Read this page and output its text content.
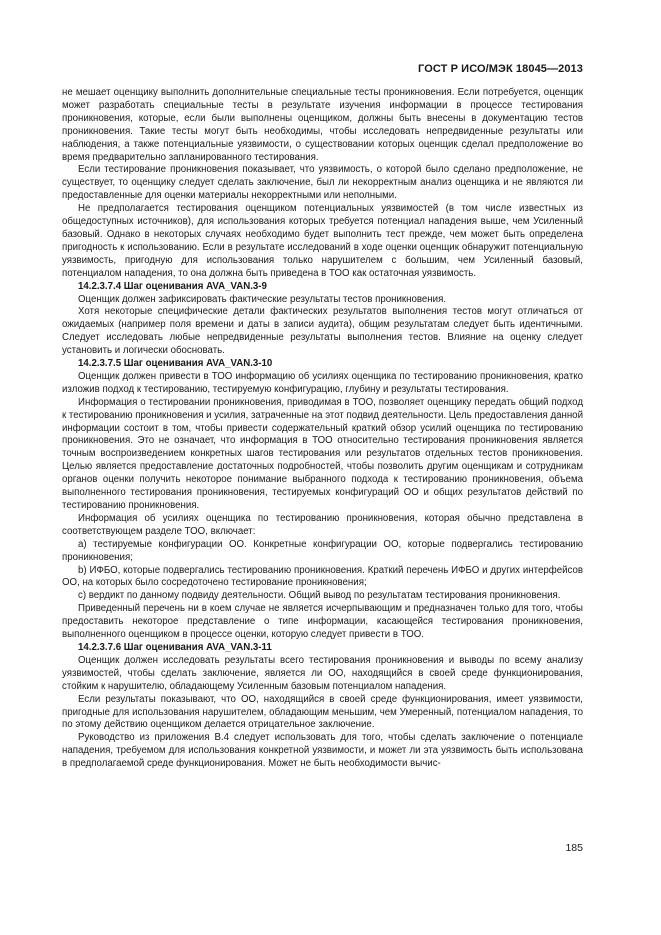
ГОСТ Р ИСО/МЭК 18045—2013

не мешает оценщику выполнить дополнительные специальные тесты проникновения. Если потребуется, оценщик может разработать специальные тесты в результате изучения информации в процессе тестирования проникновения, которые, если были выполнены оценщиком, должны быть внесены в документацию тестов проникновения. Такие тесты могут быть необходимы, чтобы исследовать непредвиденные результаты или наблюдения, а также потенциальные уязвимости, о существовании которых оценщик сделал предположение во время предварительно запланированного тестирования.

Если тестирование проникновения показывает, что уязвимость, о которой было сделано предположение, не существует, то оценщику следует сделать заключение, был ли некорректным анализ оценщика и не являются ли предоставленные для оценки материалы некорректными или неполными.

Не предполагается тестирования оценщиком потенциальных уязвимостей (в том числе известных из общедоступных источников), для использования которых требуется потенциал нападения выше, чем Усиленный базовый. Однако в некоторых случаях необходимо будет выполнить тест прежде, чем может быть определена пригодность к использованию. Если в результате исследований в ходе оценки оценщик обнаружит потенциальную уязвимость, пригодную для использования только нарушителем с большим, чем Усиленный базовый, потенциалом нападения, то она должна быть приведена в ТОО как остаточная уязвимость.

14.2.3.7.4 Шаг оценивания AVA_VAN.3-9

Оценщик должен зафиксировать фактические результаты тестов проникновения.

Хотя некоторые специфические детали фактических результатов выполнения тестов могут отличаться от ожидаемых (например поля времени и даты в записи аудита), общим результатам следует быть идентичными. Следует исследовать любые непредвиденные результаты выполнения тестов. Влияние на оценку следует установить и логически обосновать.

14.2.3.7.5 Шаг оценивания AVA_VAN.3-10

Оценщик должен привести в ТОО информацию об усилиях оценщика по тестированию проникновения, кратко изложив подход к тестированию, тестируемую конфигурацию, глубину и результаты тестирования.

Информация о тестировании проникновения, приводимая в ТОО, позволяет оценщику передать общий подход к тестированию проникновения и усилия, затраченные на этот подвид деятельности. Цель предоставления данной информации состоит в том, чтобы привести содержательный краткий обзор усилий оценщика по тестированию проникновения. Это не означает, что информация в ТОО относительно тестирования проникновения является точным воспроизведением конкретных шагов тестирования или результатов отдельных тестов проникновения. Целью является предоставление достаточных подробностей, чтобы позволить другим оценщикам и сотрудникам органов оценки получить некоторое понимание выбранного подхода к тестированию проникновения, объема выполненного тестирования проникновения, тестируемых конфигураций ОО и общих результатов действий по тестированию проникновения.

Информация об усилиях оценщика по тестированию проникновения, которая обычно представлена в соответствующем разделе ТОО, включает:

a) тестируемые конфигурации ОО. Конкретные конфигурации ОО, которые подвергались тестированию проникновения;

b) ИФБО, которые подвергались тестированию проникновения. Краткий перечень ИФБО и других интерфейсов ОО, на которых было сосредоточено тестирование проникновения;

c) вердикт по данному подвиду деятельности. Общий вывод по результатам тестирования проникновения.

Приведенный перечень ни в коем случае не является исчерпывающим и предназначен только для того, чтобы предоставить некоторое представление о типе информации, касающейся тестирования проникновения, выполненного оценщиком в процессе оценки, которую следует привести в ТОО.

14.2.3.7.6 Шаг оценивания AVA_VAN.3-11

Оценщик должен исследовать результаты всего тестирования проникновения и выводы по всему анализу уязвимостей, чтобы сделать заключение, является ли ОО, находящийся в своей среде функционирования, стойким к нарушителю, обладающему Усиленным базовым потенциалом нападения.

Если результаты показывают, что ОО, находящийся в своей среде функционирования, имеет уязвимости, пригодные для использования нарушителем, обладающим меньшим, чем Умеренный, потенциалом нападения, то по этому действию оценщиком делается отрицательное заключение.

Руководство из приложения В.4 следует использовать для того, чтобы сделать заключение о потенциале нападения, требуемом для использования конкретной уязвимости, и может ли эта уязвимость быть использована в предполагаемой среде функционирования. Может не быть необходимости вычис-

185
